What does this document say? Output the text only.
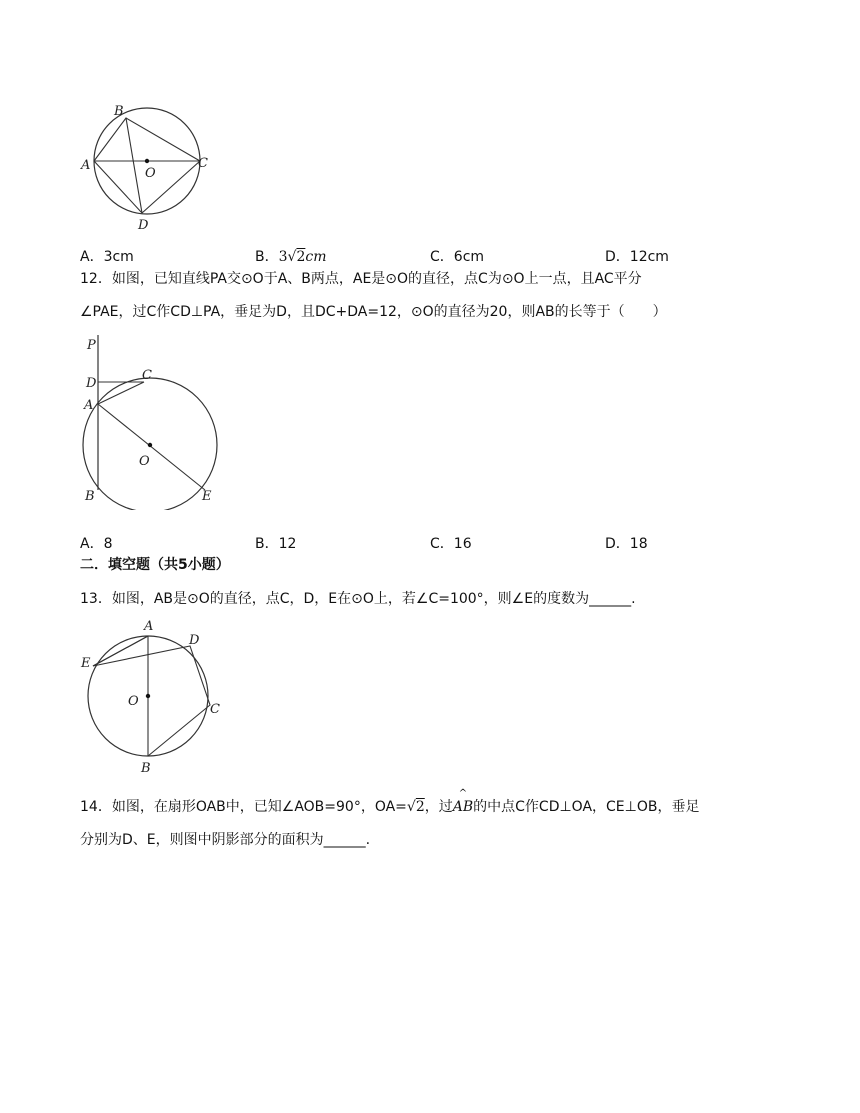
B
A	C
O
D
A．3cm	B．3√2cm	C．6cm	D．12cm
12．如图，已知直线PA交⊙O于A、B两点，AE是⊙O的直径，点C为⊙O上一点，且AC平分
∠PAE，过C作CD⊥PA，垂足为D，且DC+DA=12，⊙O的直径为20，则AB的长等于（　　）
P
D
C
A
O
B	E
A．8	B．12	C．16	D．18
二．填空题（共5小题）
13．如图，AB是⊙O的直径，点C，D，E在⊙O上，若∠C=100°，则∠E的度数为______.
A
D
E
O
C
B
14．如图，在扇形OAB中，已知∠AOB=90°，OA=√2，过
^
AB的中点C作CD⊥OA，CE⊥OB，垂足
分别为D、E，则图中阴影部分的面积为______.
